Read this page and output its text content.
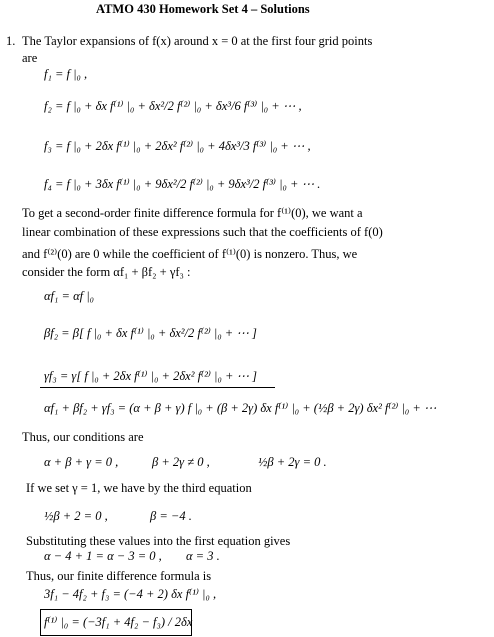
ATMO 430 Homework Set 4 – Solutions
1. The Taylor expansions of f(x) around x = 0 at the first four grid points
are
f₁ = f |₀ ,
f₂ = f |₀ + δx f⁽¹⁾ |₀ + δx²/2 f⁽²⁾ |₀ + δx³/6 f⁽³⁾ |₀ + ⋯ ,
f₃ = f |₀ + 2δx f⁽¹⁾ |₀ + 2δx² f⁽²⁾ |₀ + 4δx³/3 f⁽³⁾ |₀ + ⋯ ,
f₄ = f |₀ + 3δx f⁽¹⁾ |₀ + 9δx²/2 f⁽²⁾ |₀ + 9δx³/2 f⁽³⁾ |₀ + ⋯ .
To get a second-order finite difference formula for f⁽¹⁾(0), we want a
linear combination of these expressions such that the coefficients of f(0)
and f⁽²⁾(0) are 0 while the coefficient of f⁽¹⁾(0) is nonzero. Thus, we
consider the form αf₁ + βf₂ + γf₃ :
αf₁ = αf |₀
βf₂ = β[ f |₀ + δx f⁽¹⁾ |₀ + δx²/2 f⁽²⁾ |₀ + ⋯ ]
γf₃ = γ[ f |₀ + 2δx f⁽¹⁾ |₀ + 2δx² f⁽²⁾ |₀ + ⋯ ]
αf₁ + βf₂ + γf₃ = (α + β + γ) f |₀ + (β + 2γ) δx f⁽¹⁾ |₀ + (½β + 2γ) δx² f⁽²⁾ |₀ + ⋯
Thus, our conditions are
α + β + γ = 0 ,	β + 2γ ≠ 0 ,	½β + 2γ = 0 .
If we set γ = 1, we have by the third equation
½β + 2 = 0 ,	β = −4 .
Substituting these values into the first equation gives
α − 4 + 1 = α − 3 = 0 , α = 3 .
Thus, our finite difference formula is
3f₁ − 4f₂ + f₃ = (−4 + 2) δx f⁽¹⁾ |₀ ,
f⁽¹⁾ |₀ = (−3f₁ + 4f₂ − f₃) / 2δx
